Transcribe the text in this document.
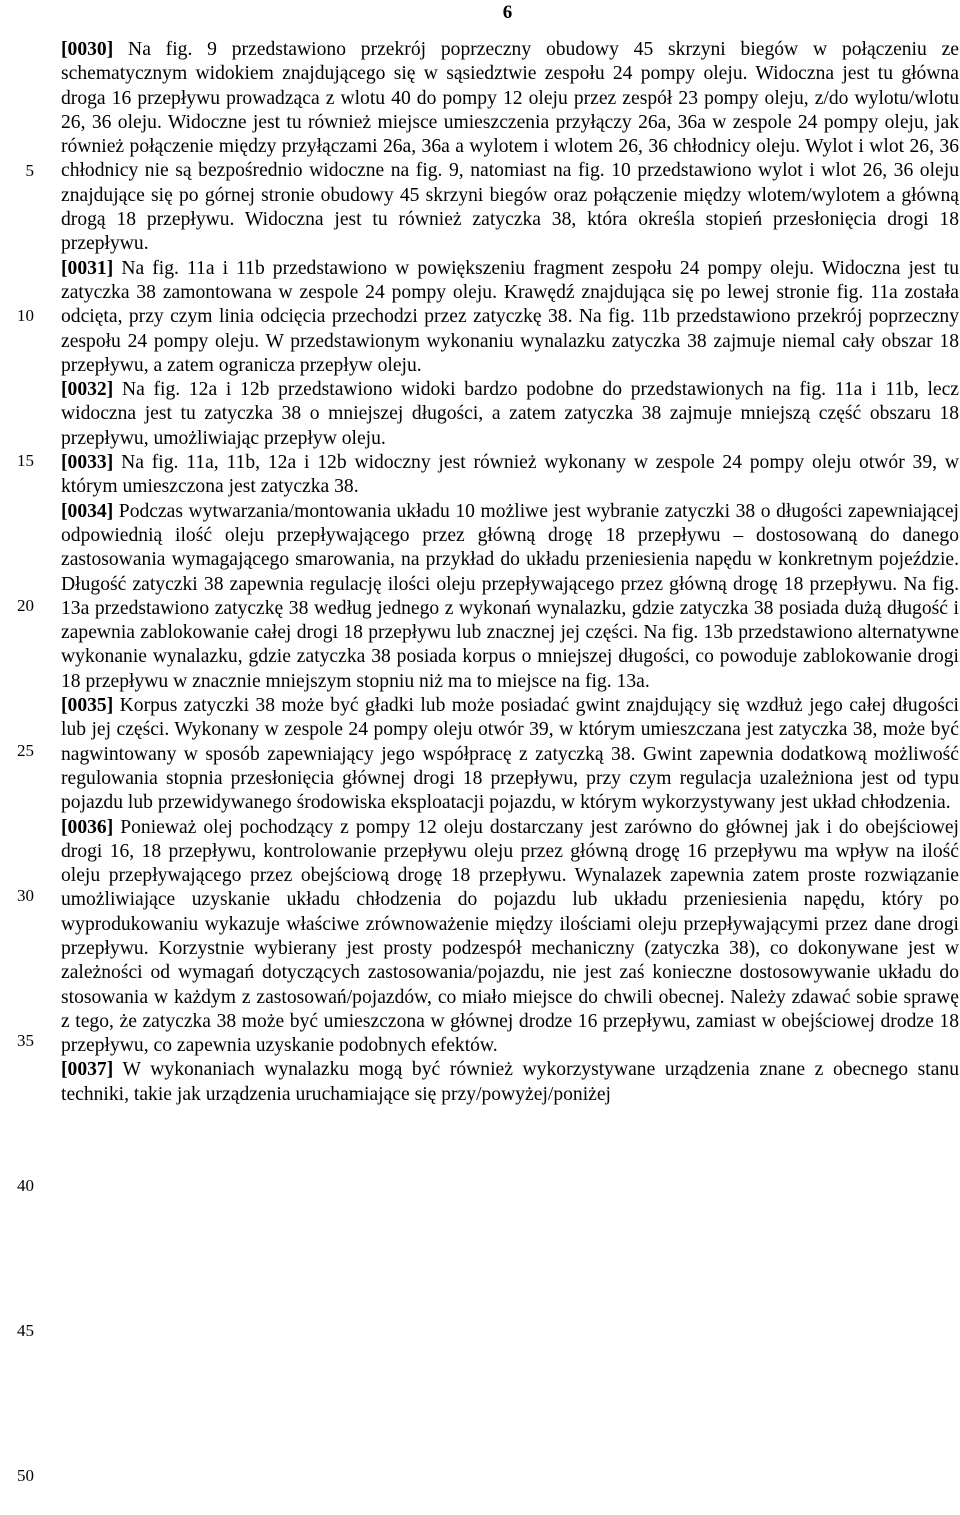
6
5
10
15
20
25
30
35
40
45
50

[0030] Na fig. 9 przedstawiono przekrój poprzeczny obudowy 45 skrzyni biegów w połączeniu ze schematycznym widokiem znajdującego się w sąsiedztwie zespołu 24 pompy oleju. Widoczna jest tu główna droga 16 przepływu prowadząca z wlotu 40 do pompy 12 oleju przez zespół 23 pompy oleju, z/do wylotu/wlotu 26, 36 oleju. Widoczne jest tu również miejsce umieszczenia przyłączy 26a, 36a w zespole 24 pompy oleju, jak również połączenie między przyłączami 26a, 36a a wylotem i wlotem 26, 36 chłodnicy oleju. Wylot i wlot 26, 36 chłodnicy nie są bezpośrednio widoczne na fig. 9, natomiast na fig. 10 przedstawiono wylot i wlot 26, 36 oleju znajdujące się po górnej stronie obudowy 45 skrzyni biegów oraz połączenie między wlotem/wylotem a główną drogą 18 przepływu. Widoczna jest tu również zatyczka 38, która określa stopień przesłonięcia drogi 18 przepływu.

[0031] Na fig. 11a i 11b przedstawiono w powiększeniu fragment zespołu 24 pompy oleju. Widoczna jest tu zatyczka 38 zamontowana w zespole 24 pompy oleju. Krawędź znajdująca się po lewej stronie fig. 11a została odcięta, przy czym linia odcięcia przechodzi przez zatyczkę 38. Na fig. 11b przedstawiono przekrój poprzeczny zespołu 24 pompy oleju. W przedstawionym wykonaniu wynalazku zatyczka 38 zajmuje niemal cały obszar 18 przepływu, a zatem ogranicza przepływ oleju.

[0032] Na fig. 12a i 12b przedstawiono widoki bardzo podobne do przedstawionych na fig. 11a i 11b, lecz widoczna jest tu zatyczka 38 o mniejszej długości, a zatem zatyczka 38 zajmuje mniejszą część obszaru 18 przepływu, umożliwiając przepływ oleju.

[0033] Na fig. 11a, 11b, 12a i 12b widoczny jest również wykonany w zespole 24 pompy oleju otwór 39, w którym umieszczona jest zatyczka 38.

[0034] Podczas wytwarzania/montowania układu 10 możliwe jest wybranie zatyczki 38 o długości zapewniającej odpowiednią ilość oleju przepływającego przez główną drogę 18 przepływu – dostosowaną do danego zastosowania wymagającego smarowania, na przykład do układu przeniesienia napędu w konkretnym pojeździe. Długość zatyczki 38 zapewnia regulację ilości oleju przepływającego przez główną drogę 18 przepływu. Na fig. 13a przedstawiono zatyczkę 38 według jednego z wykonań wynalazku, gdzie zatyczka 38 posiada dużą długość i zapewnia zablokowanie całej drogi 18 przepływu lub znacznej jej części. Na fig. 13b przedstawiono alternatywne wykonanie wynalazku, gdzie zatyczka 38 posiada korpus o mniejszej długości, co powoduje zablokowanie drogi 18 przepływu w znacznie mniejszym stopniu niż ma to miejsce na fig. 13a.

[0035] Korpus zatyczki 38 może być gładki lub może posiadać gwint znajdujący się wzdłuż jego całej długości lub jej części. Wykonany w zespole 24 pompy oleju otwór 39, w którym umieszczana jest zatyczka 38, może być nagwintowany w sposób zapewniający jego współpracę z zatyczką 38. Gwint zapewnia dodatkową możliwość regulowania stopnia przesłonięcia głównej drogi 18 przepływu, przy czym regulacja uzależniona jest od typu pojazdu lub przewidywanego środowiska eksploatacji pojazdu, w którym wykorzystywany jest układ chłodzenia.

[0036] Ponieważ olej pochodzący z pompy 12 oleju dostarczany jest zarówno do głównej jak i do obejściowej drogi 16, 18 przepływu, kontrolowanie przepływu oleju przez główną drogę 16 przepływu ma wpływ na ilość oleju przepływającego przez obejściową drogę 18 przepływu. Wynalazek zapewnia zatem proste rozwiązanie umożliwiające uzyskanie układu chłodzenia do pojazdu lub układu przeniesienia napędu, który po wyprodukowaniu wykazuje właściwe zrównoważenie między ilościami oleju przepływającymi przez dane drogi przepływu. Korzystnie wybierany jest prosty podzespół mechaniczny (zatyczka 38), co dokonywane jest w zależności od wymagań dotyczących zastosowania/pojazdu, nie jest zaś konieczne dostosowywanie układu do stosowania w każdym z zastosowań/pojazdów, co miało miejsce do chwili obecnej. Należy zdawać sobie sprawę z tego, że zatyczka 38 może być umieszczona w głównej drodze 16 przepływu, zamiast w obejściowej drodze 18 przepływu, co zapewnia uzyskanie podobnych efektów.

[0037] W wykonaniach wynalazku mogą być również wykorzystywane urządzenia znane z obecnego stanu techniki, takie jak urządzenia uruchamiające się przy/powyżej/poniżej
